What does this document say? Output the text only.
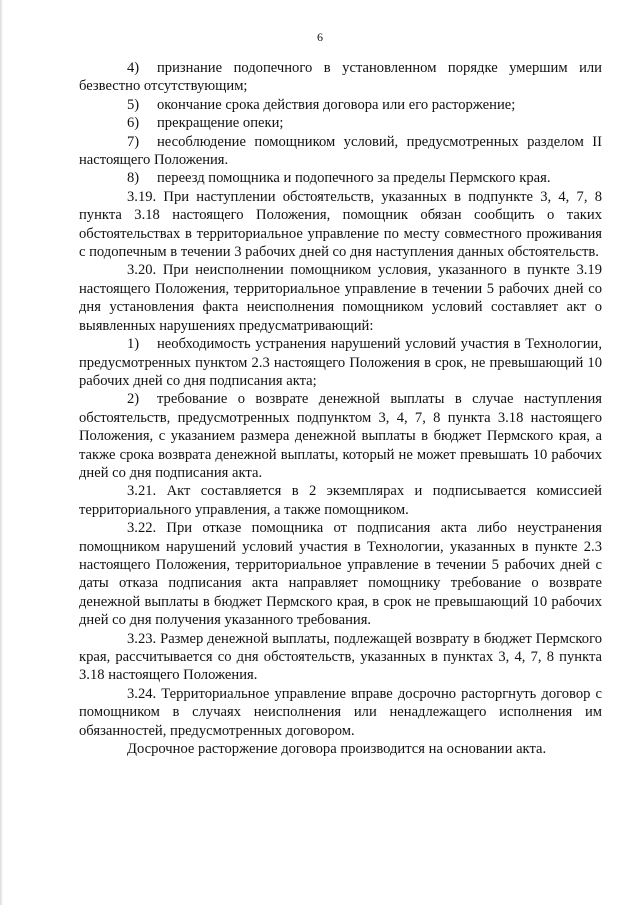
6

4) признание подопечного в установленном порядке умершим или безвестно отсутствующим;

5) окончание срока действия договора или его расторжение;

6) прекращение опеки;

7) несоблюдение помощником условий, предусмотренных разделом II настоящего Положения.

8) переезд помощника и подопечного за пределы Пермского края.

3.19. При наступлении обстоятельств, указанных в подпункте 3, 4, 7, 8 пункта 3.18 настоящего Положения, помощник обязан сообщить о таких обстоятельствах в территориальное управление по месту совместного проживания с подопечным в течении 3 рабочих дней со дня наступления данных обстоятельств.

3.20. При неисполнении помощником условия, указанного в пункте 3.19 настоящего Положения, территориальное управление в течении 5 рабочих дней со дня установления факта неисполнения помощником условий составляет акт о выявленных нарушениях предусматривающий:

1) необходимость устранения нарушений условий участия в Технологии, предусмотренных пунктом 2.3 настоящего Положения в срок, не превышающий 10 рабочих дней со дня подписания акта;

2) требование о возврате денежной выплаты в случае наступления обстоятельств, предусмотренных подпунктом 3, 4, 7, 8 пункта 3.18 настоящего Положения, с указанием размера денежной выплаты в бюджет Пермского края, а также срока возврата денежной выплаты, который не может превышать 10 рабочих дней со дня подписания акта.

3.21. Акт составляется в 2 экземплярах и подписывается комиссией территориального управления, а также помощником.

3.22. При отказе помощника от подписания акта либо неустранения помощником нарушений условий участия в Технологии, указанных в пункте 2.3 настоящего Положения, территориальное управление в течении 5 рабочих дней с даты отказа подписания акта направляет помощнику требование о возврате денежной выплаты в бюджет Пермского края, в срок не превышающий 10 рабочих дней со дня получения указанного требования.

3.23. Размер денежной выплаты, подлежащей возврату в бюджет Пермского края, рассчитывается со дня обстоятельств, указанных в пунктах 3, 4, 7, 8 пункта 3.18 настоящего Положения.

3.24. Территориальное управление вправе досрочно расторгнуть договор с помощником в случаях неисполнения или ненадлежащего исполнения им обязанностей, предусмотренных договором.

Досрочное расторжение договора производится на основании акта.
